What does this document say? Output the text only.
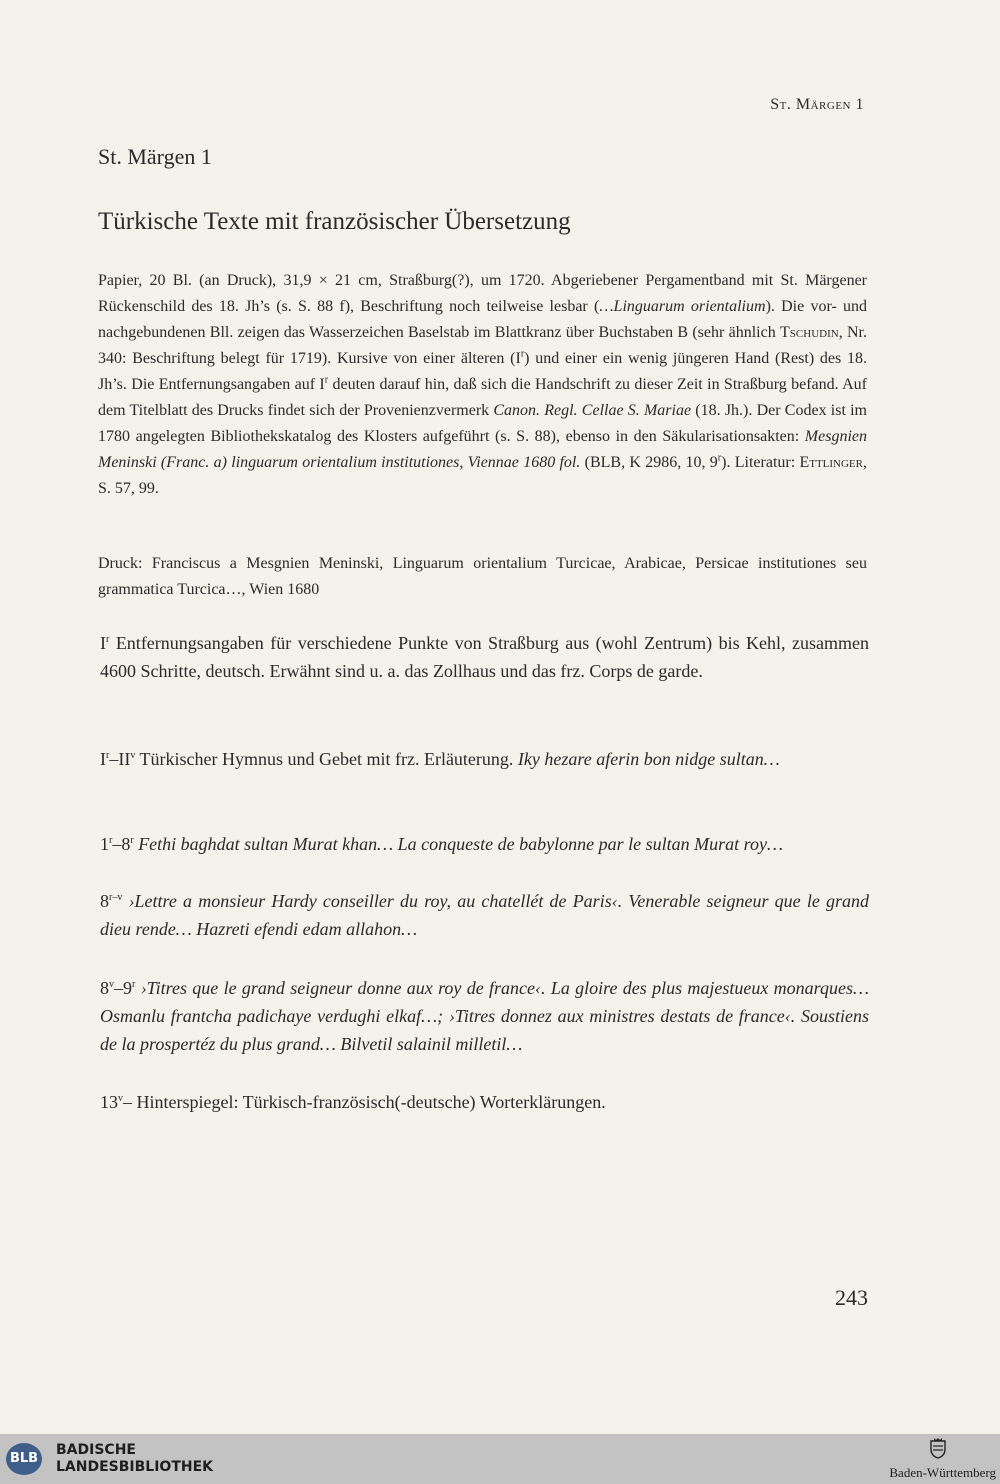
St. Märgen 1
St. Märgen 1
Türkische Texte mit französischer Übersetzung
Papier, 20 Bl. (an Druck), 31,9 × 21 cm, Straßburg(?), um 1720. Abgeriebener Pergamentband mit St. Märgener Rückenschild des 18. Jh’s (s. S. 88 f), Beschriftung noch teilweise lesbar (…Linguarum orientalium). Die vor- und nachgebundenen Bll. zeigen das Wasserzeichen Baselstab im Blattkranz über Buchstaben B (sehr ähnlich Tschudin, Nr. 340: Beschriftung belegt für 1719). Kursive von einer älteren $(I^r)$ und einer ein wenig jüngeren Hand (Rest) des 18. Jh’s. Die Entfernungsangaben auf $I^r$ deuten darauf hin, daß sich die Handschrift zu dieser Zeit in Straßburg befand. Auf dem Titelblatt des Drucks findet sich der Provenienzvermerk Canon. Regl. Cellae S. Mariae (18. Jh.). Der Codex ist im 1780 angelegten Bibliothekskatalog des Klosters aufgeführt (s. S. 88), ebenso in den Säkularisationsakten: Mesgnien Meninski (Franc. a) linguarum orientalium institutiones, Viennae 1680 fol. (BLB, K 2986, 10, 9$^r$). Literatur: Ettlinger, S. 57, 99.
Druck: Franciscus a Mesgnien Meninski, Linguarum orientalium Turcicae, Arabicae, Persicae institutiones seu grammatica Turcica…, Wien 1680
$I^r$ Entfernungsangaben für verschiedene Punkte von Straßburg aus (wohl Zentrum) bis Kehl, zusammen 4600 Schritte, deutsch. Erwähnt sind u. a. das Zollhaus und das frz. Corps de garde.
$I^r-II^v$ Türkischer Hymnus und Gebet mit frz. Erläuterung. Iky hezare aferin bon nidge sultan…
1$^r$–8$^r$ Fethi baghdat sultan Murat khan… La conqueste de babylonne par le sultan Murat roy…
8$^{r-v}$ ›Lettre a monsieur Hardy conseiller du roy, au chatellét de Paris‹. Venerable seigneur que le grand dieu rende… Hazreti efendi edam allahon…
8$^v$–9$^r$ ›Titres que le grand seigneur donne aux roy de france‹. La gloire des plus majestueux monarques… Osmanlu frantcha padichaye verdughi elkaf…; ›Titres donnez aux ministres destats de france‹. Soustiens de la prospertéz du plus grand… Bilvetil salainil milletil…
13$^v$– Hinterspiegel: Türkisch-französisch(-deutsche) Worterklärungen.
243
BLB
BADISCHE
LANDESBIBLIOTHEK	Baden-Württemberg
